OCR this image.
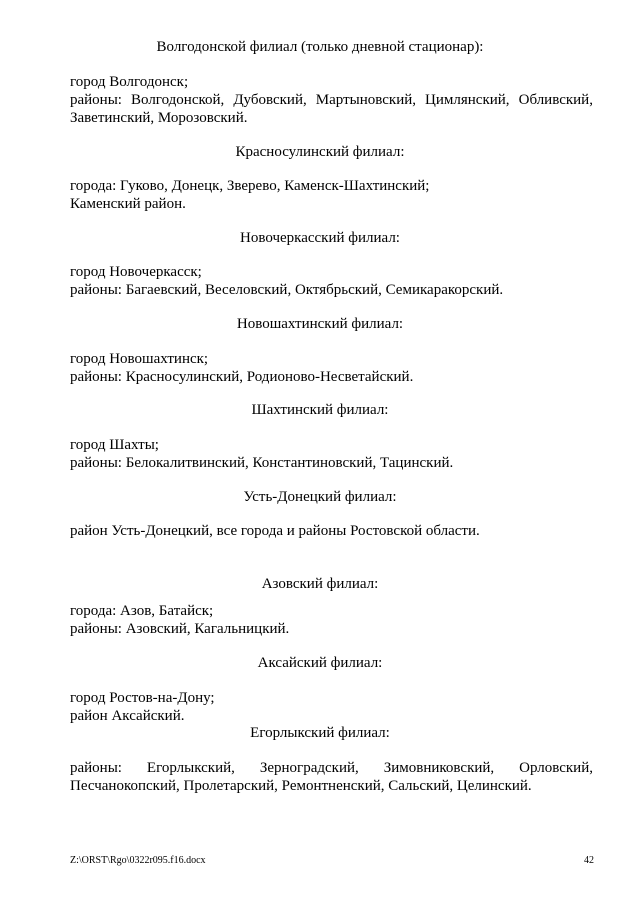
Волгодонской филиал (только дневной стационар):
город Волгодонск;
районы: Волгодонской, Дубовский, Мартыновский, Цимлянский, Обливский,
Заветинский, Морозовский.
Красносулинский филиал:
города: Гуково, Донецк, Зверево, Каменск-Шахтинский;
Каменский район.
Новочеркасский филиал:
город Новочеркасск;
районы: Багаевский, Веселовский, Октябрьский, Семикаракорский.
Новошахтинский филиал:
город Новошахтинск;
районы: Красносулинский, Родионово-Несветайский.
Шахтинский филиал:
город Шахты;
районы: Белокалитвинский, Константиновский, Тацинский.
Усть-Донецкий филиал:
район Усть-Донецкий, все города и районы Ростовской области.
Азовский филиал:
города: Азов, Батайск;
районы: Азовский, Кагальницкий.
Аксайский филиал:
город Ростов-на-Дону;
район Аксайский.
Егорлыкский филиал:
районы: Егорлыкский, Зерноградский, Зимовниковский, Орловский,
Песчанокопский, Пролетарский, Ремонтненский, Сальский, Целинский.
Z:\ORST\Rgo\0322r095.f16.docx	42
